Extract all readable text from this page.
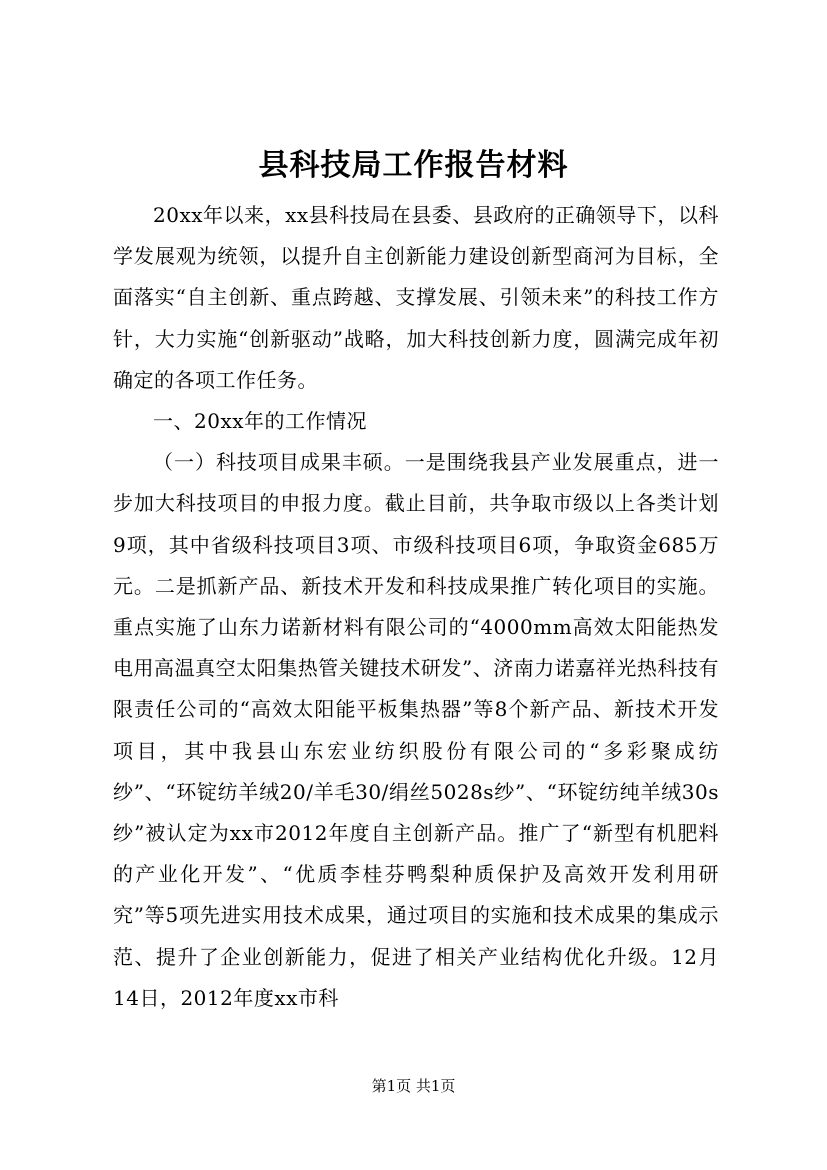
县科技局工作报告材料

20xx年以来，xx县科技局在县委、县政府的正确领导下，以科学发展观为统领，以提升自主创新能力建设创新型商河为目标，全面落实“自主创新、重点跨越、支撑发展、引领未来”的科技工作方针，大力实施“创新驱动”战略，加大科技创新力度，圆满完成年初确定的各项工作任务。

一、20xx年的工作情况

（一）科技项目成果丰硕。一是围绕我县产业发展重点，进一步加大科技项目的申报力度。截止目前，共争取市级以上各类计划9项，其中省级科技项目3项、市级科技项目6项，争取资金685万元。二是抓新产品、新技术开发和科技成果推广转化项目的实施。重点实施了山东力诺新材料有限公司的“4000mm高效太阳能热发电用高温真空太阳集热管关键技术研发”、济南力诺嘉祥光热科技有限责任公司的“高效太阳能平板集热器”等8个新产品、新技术开发项目，其中我县山东宏业纺织股份有限公司的“多彩聚成纺纱”、“环锭纺羊绒20/羊毛30/绢丝5028s纱”、“环锭纺纯羊绒30s纱”被认定为xx市2012年度自主创新产品。推广了“新型有机肥料的产业化开发”、“优质李桂芬鸭梨种质保护及高效开发利用研究”等5项先进实用技术成果，通过项目的实施和技术成果的集成示范、提升了企业创新能力，促进了相关产业结构优化升级。12月14日，2012年度xx市科

第1页 共1页
